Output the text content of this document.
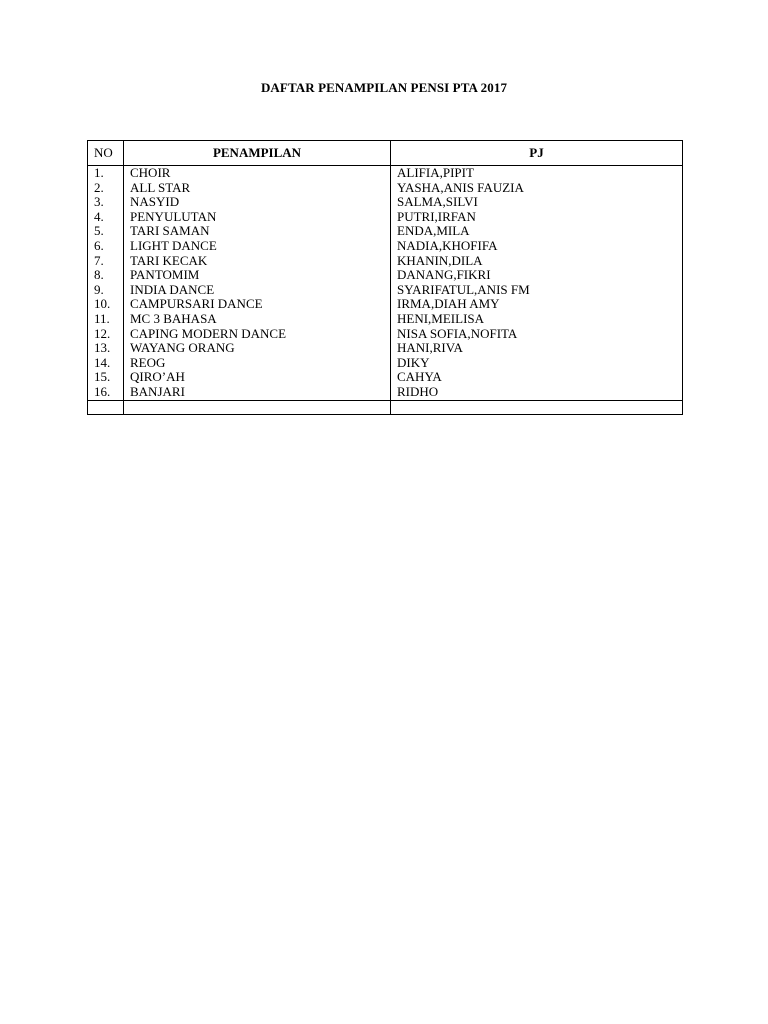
DAFTAR PENAMPILAN PENSI PTA 2017
NO	PENAMPILAN	PJ
1.	CHOIR	ALIFIA,PIPIT
2.	ALL STAR	YASHA,ANIS FAUZIA
3.	NASYID	SALMA,SILVI
4.	PENYULUTAN	PUTRI,IRFAN
5.	TARI SAMAN	ENDA,MILA
6.	LIGHT DANCE	NADIA,KHOFIFA
7.	TARI KECAK	KHANIN,DILA
8.	PANTOMIM	DANANG,FIKRI
9.	INDIA DANCE	SYARIFATUL,ANIS FM
10.	CAMPURSARI DANCE	IRMA,DIAH AMY
11.	MC 3 BAHASA	HENI,MEILISA
12.	CAPING MODERN DANCE	NISA SOFIA,NOFITA
13.	WAYANG ORANG	HANI,RIVA
14.	REOG	DIKY
15.	QIRO’AH	CAHYA
16.	BANJARI	RIDHO
